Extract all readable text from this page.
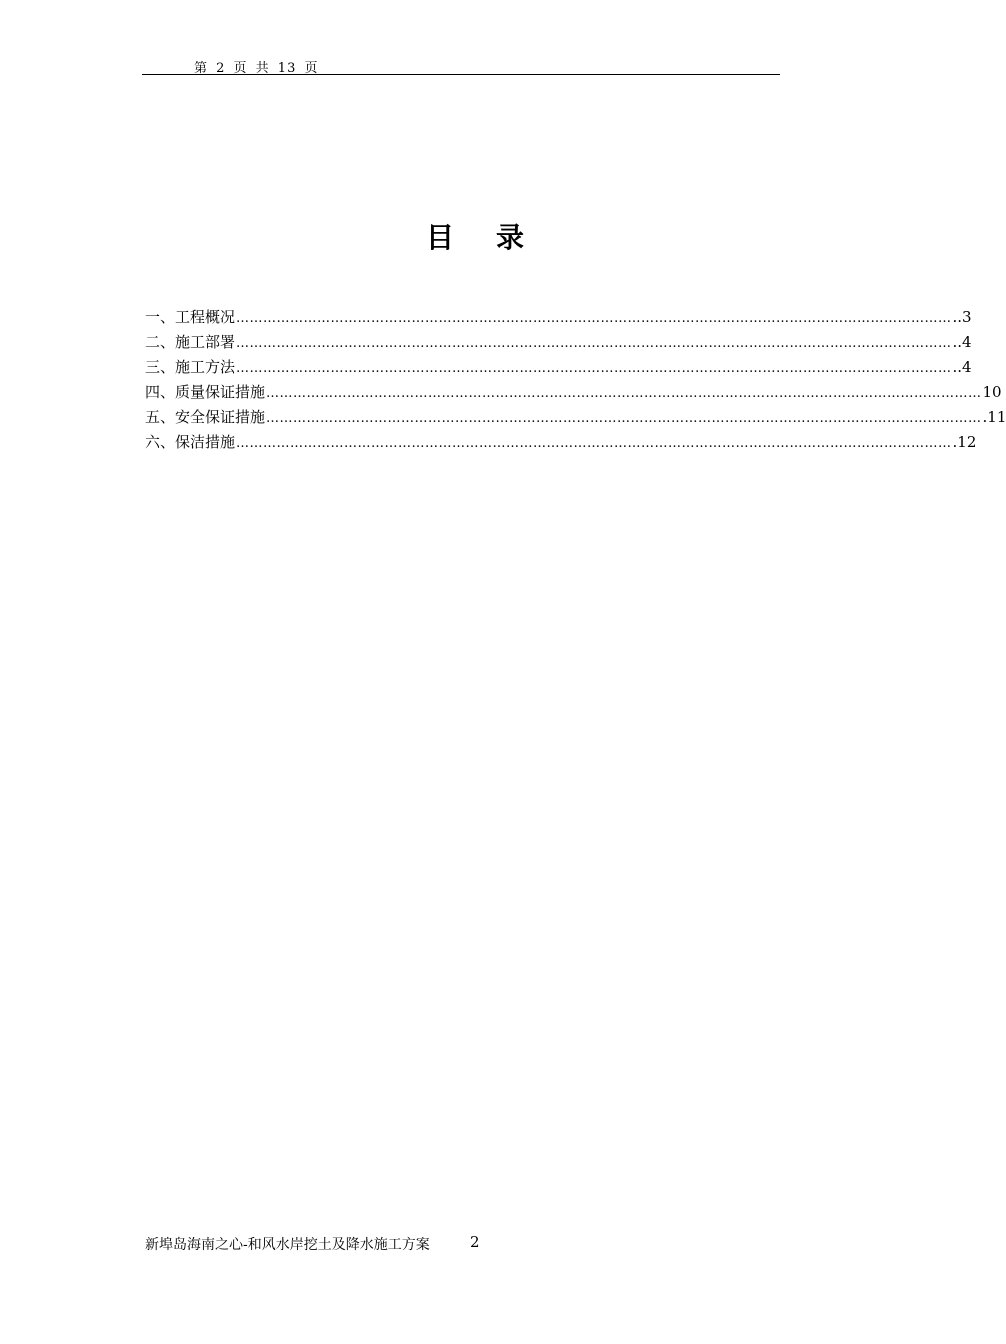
第 2 页 共 13 页
目录
一、工程概况 …………………………………………………………………………………………………………………………………………… ..3
二、施工部署 …………………………………………………………………………………………………………………………………………… ..4
三、施工方法 …………………………………………………………………………………………………………………………………………… ..4
四、质量保证措施 …………………………………………………………………………………………………………………………………………… 10
五、安全保证措施 …………………………………………………………………………………………………………………………………………… .11
六、保洁措施 …………………………………………………………………………………………………………………………………………… .12
新埠岛海南之心-和风水岸挖土及降水施工方案	2
